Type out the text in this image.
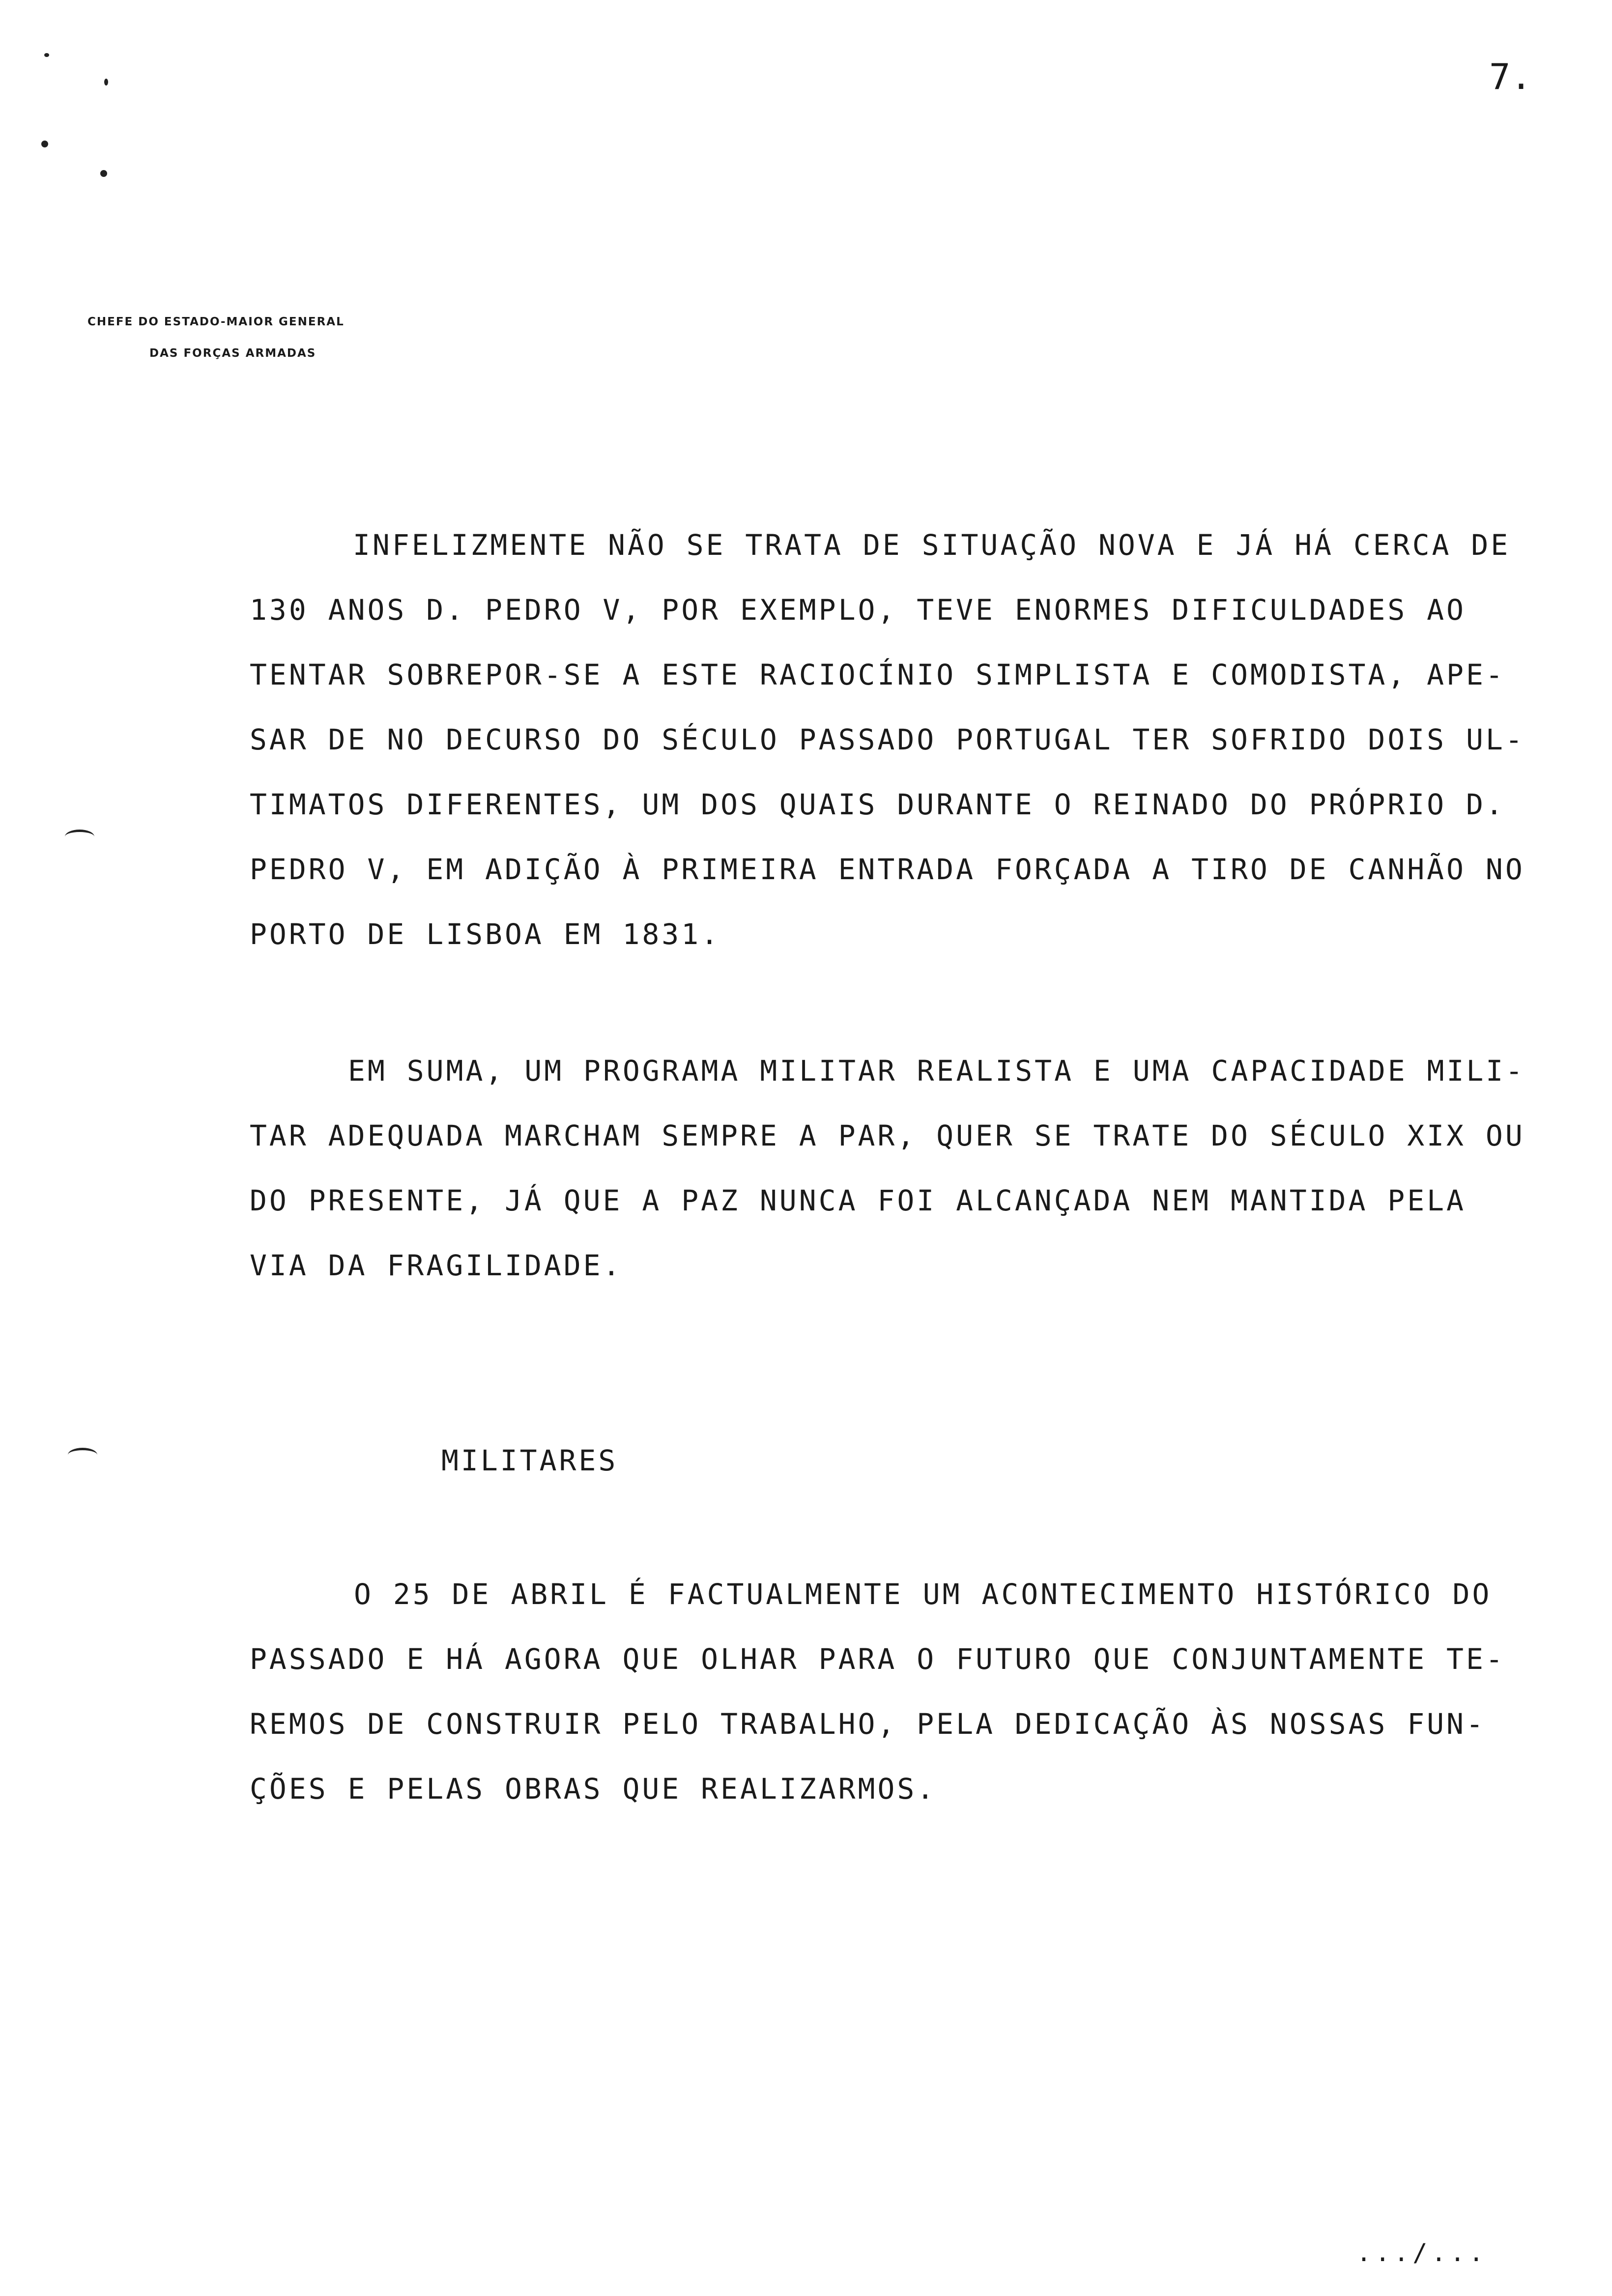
7.
CHEFE DO ESTADO-MAIOR GENERAL
DAS FORÇAS ARMADAS
INFELIZMENTE NÃO SE TRATA DE SITUAÇÃO NOVA E JÁ HÁ CERCA DE
130 ANOS D. PEDRO V, POR EXEMPLO, TEVE ENORMES DIFICULDADES AO
TENTAR SOBREPOR-SE A ESTE RACIOCÍNIO SIMPLISTA E COMODISTA, APE-
SAR DE NO DECURSO DO SÉCULO PASSADO PORTUGAL TER SOFRIDO DOIS UL-
TIMATOS DIFERENTES, UM DOS QUAIS DURANTE O REINADO DO PRÓPRIO D.
PEDRO V, EM ADIÇÃO À PRIMEIRA ENTRADA FORÇADA A TIRO DE CANHÃO NO
PORTO DE LISBOA EM 1831.
EM SUMA, UM PROGRAMA MILITAR REALISTA E UMA CAPACIDADE MILI-
TAR ADEQUADA MARCHAM SEMPRE A PAR, QUER SE TRATE DO SÉCULO XIX OU
DO PRESENTE, JÁ QUE A PAZ NUNCA FOI ALCANÇADA NEM MANTIDA PELA
VIA DA FRAGILIDADE.
MILITARES
O 25 DE ABRIL É FACTUALMENTE UM ACONTECIMENTO HISTÓRICO DO
PASSADO E HÁ AGORA QUE OLHAR PARA O FUTURO QUE CONJUNTAMENTE TE-
REMOS DE CONSTRUIR PELO TRABALHO, PELA DEDICAÇÃO ÀS NOSSAS FUN-
ÇÕES E PELAS OBRAS QUE REALIZARMOS.
.../...
